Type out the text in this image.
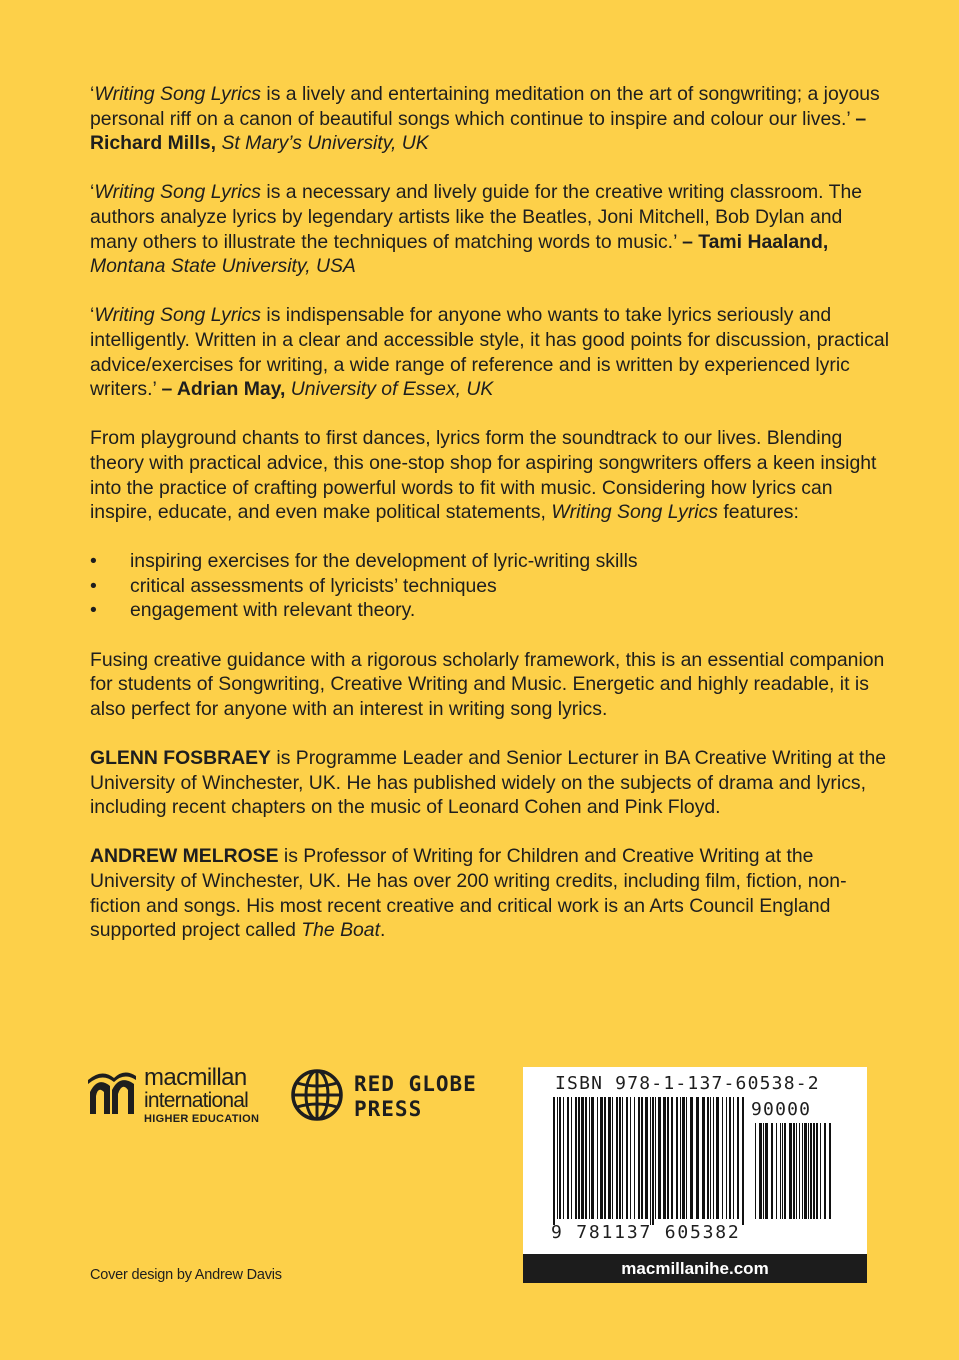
‘Writing Song Lyrics is a lively and entertaining meditation on the art of songwriting; a joyous personal riff on a canon of beautiful songs which continue to inspire and colour our lives.’ – Richard Mills, St Mary’s University, UK

‘Writing Song Lyrics is a necessary and lively guide for the creative writing classroom. The authors analyze lyrics by legendary artists like the Beatles, Joni Mitchell, Bob Dylan and many others to illustrate the techniques of matching words to music.’ – Tami Haaland, Montana State University, USA

‘Writing Song Lyrics is indispensable for anyone who wants to take lyrics seriously and intelligently. Written in a clear and accessible style, it has good points for discussion, practical advice/exercises for writing, a wide range of reference and is written by experienced lyric writers.’ – Adrian May, University of Essex, UK

From playground chants to first dances, lyrics form the soundtrack to our lives. Blending theory with practical advice, this one-stop shop for aspiring songwriters offers a keen insight into the practice of crafting powerful words to fit with music. Considering how lyrics can inspire, educate, and even make political statements, Writing Song Lyrics features:

• inspiring exercises for the development of lyric-writing skills
• critical assessments of lyricists’ techniques
• engagement with relevant theory.

Fusing creative guidance with a rigorous scholarly framework, this is an essential companion for students of Songwriting, Creative Writing and Music. Energetic and highly readable, it is also perfect for anyone with an interest in writing song lyrics.

GLENN FOSBRAEY is Programme Leader and Senior Lecturer in BA Creative Writing at the University of Winchester, UK. He has published widely on the subjects of drama and lyrics, including recent chapters on the music of Leonard Cohen and Pink Floyd.

ANDREW MELROSE is Professor of Writing for Children and Creative Writing at the University of Winchester, UK. He has over 200 writing credits, including film, fiction, non-fiction and songs. His most recent creative and critical work is an Arts Council England supported project called The Boat.

macmillan
international
HIGHER EDUCATION
RED GLOBE
PRESS
ISBN 978-1-137-60538-2
90000
9 781137 605382
macmillanihe.com
Cover design by Andrew Davis
